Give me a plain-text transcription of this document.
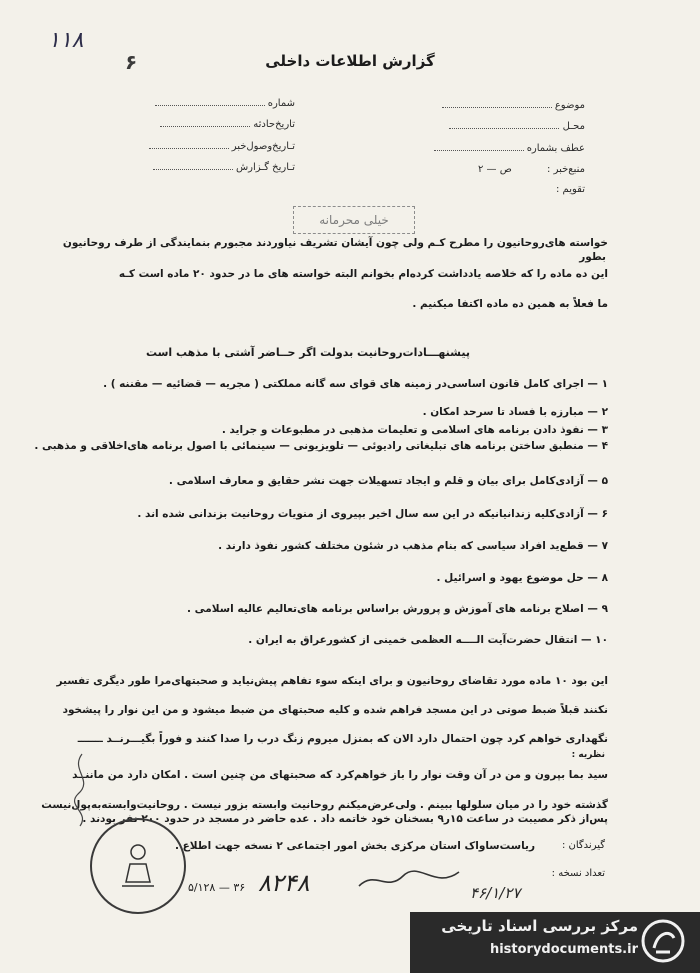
۱۱۸
۶	گزارش اطلاعات داخلی
موضوع
محـل
عطف بشماره
منبع‌خبر : ص — ۲
تقویم :
شماره
تاریخ‌حادثه
تـاریخ‌وصول‌خبر
تـاریخ گـزارش
خیلی محرمانه
خواسته های‌روحانیون را مطرح کـم ولی چون آیشان تشریف نیاوردند مجبورم بنمایندگی از طرف روحانیون
بطور
این ده ماده را که خلاصه یادداشت کرده‌ام بخوانم البته خواسته های ما در حدود ۲۰ ماده است کـه
ما فعلاً به همین ده ماده اکتفا میکنیم .
پیشنهـــادات‌روحانیت بدولت اگر حــاضر آشتی با مذهب است
۱ — اجرای کامل قانون اساسی‌در زمینه های قوای سه گانه مملکتی ( مجریه — قضائیه — مقننه ) .
۲ — مبارزه با فساد تا سرحد امکان .
۳ — نفوذ دادن برنامه های اسلامی و تعلیمات مذهبی در مطبوعات و جراید .
۴ — منطبق ساختن برنامه های تبلیغاتی رادیوئی — تلویزیونی — سینمائی با اصول برنامه های‌اخلاقی و مذهبی .
۵ — آزادی‌کامل برای بیان و قلم و ایجاد تسهیلات جهت نشر حقایق و معارف اسلامی .
۶ — آزادی‌کلیه زندانیانیکه در این سه سال اخیر بپیروی از منویات روحانیت بزندانی شده اند .
۷ — قطع‌ید افراد سیاسی که بنام مذهب در شئون مختلف کشور نفوذ دارند .
۸ — حل موضوع یهود و اسرائیل .
۹ — اصلاح برنامه های آموزش و پرورش براساس برنامه های‌تعالیم عالیه اسلامی .
۱۰ — انتقال حضرت‌آیت الــــه العظمی خمینی از کشورعراق به ایران .
این بود ۱۰ ماده مورد تقاضای روحانیون و برای اینکه سوء تفاهم پیش‌نیاید و صحبتهای‌مرا طور دیگری تفسیر
نکنند قبلاً ضبط صوتی در این مسجد فراهم شده و کلیه صحبتهای من ضبط میشود و من این نوار را پیشخود
نگهداری خواهم کرد چون احتمال دارد الان که بمنزل میروم زنگ درب را صدا کنند و فوراً بگیـــرنــد ـــــــ
نظریه :
سید بما بپرون و من در آن وقت نوار را باز خواهم‌کرد که صحبتهای من چنین است . امکان دارد من ماننــد
گذشته خود را در میان سلولها ببینم . ولی‌عرض‌میکنم روحانیت وابسته بزور نیست . روحانیت‌وابسته‌به‌پول‌نیست
پس‌از ذکر مصیبت در ساعت ۱۵ر۹ بسخنان خود خاتمه داد . عده حاضر در مسجد در حدود ۲۰۰ نفر بودند .
گیرندگان :
ریاست‌ساواک استان مرکزی بخش امور اجتماعی ۲ نسخه جهت اطلاع .
تعداد نسخه :
۵/۱۲۸ — ۳۶ ۸۲۴۸	۴۶/۱/۲۷
مرکز بررسی اسناد تاریخی
historydocuments.ir
